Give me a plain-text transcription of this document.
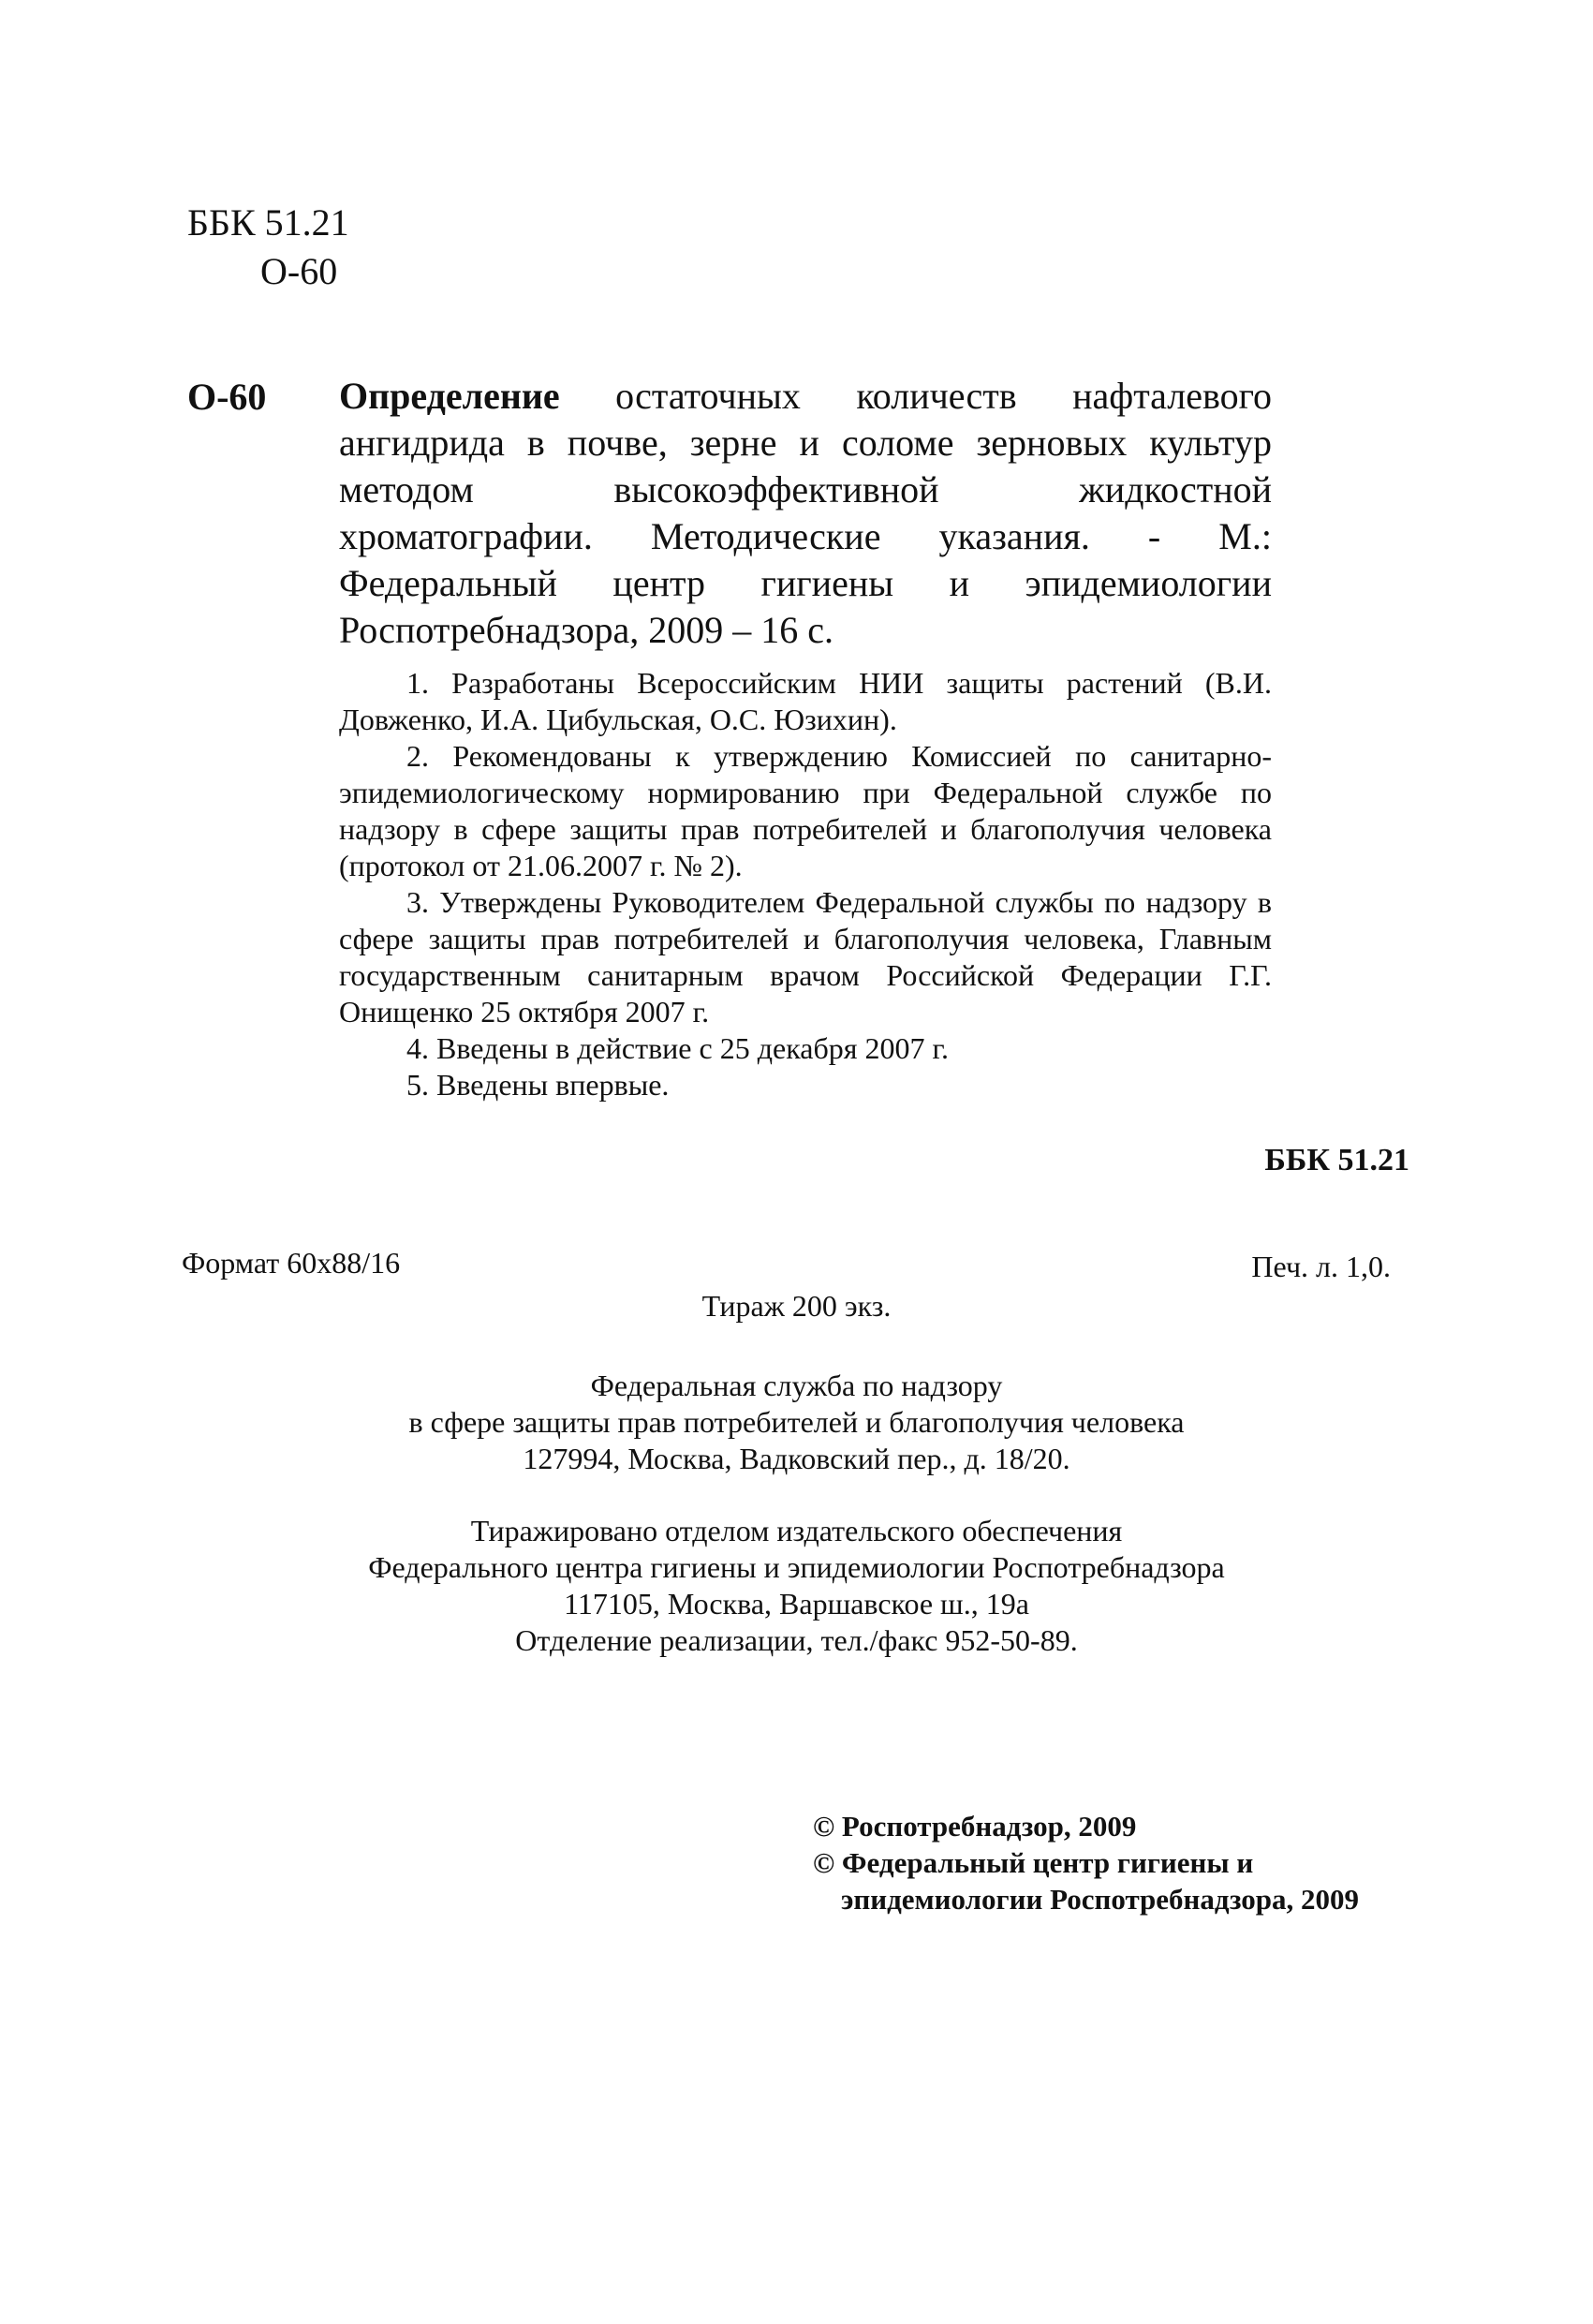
ББК 51.21
О-60
О-60 Определение остаточных количеств нафталевого ангидрида в почве, зерне и соломе зерновых культур методом высокоэффективной жидкостной хроматографии. Методические указания. - М.: Федеральный центр гигиены и эпидемиологии Роспотребнадзора, 2009 – 16 с.

1. Разработаны Всероссийским НИИ защиты растений (В.И. Довженко, И.А. Цибульская, О.С. Юзихин).

2. Рекомендованы к утверждению Комиссией по санитарно-эпидемиологическому нормированию при Федеральной службе по надзору в сфере защиты прав потребителей и благополучия человека (протокол от 21.06.2007 г. № 2).

3. Утверждены Руководителем Федеральной службы по надзору в сфере защиты прав потребителей и благополучия человека, Главным государственным санитарным врачом Российской Федерации Г.Г. Онищенко 25 октября 2007 г.

4. Введены в действие с 25 декабря 2007 г.

5. Введены впервые.

ББК 51.21
Формат 60х88/16	Печ. л. 1,0.
Тираж 200 экз.
Федеральная служба по надзору
в сфере защиты прав потребителей и благополучия человека
127994, Москва, Вадковский пер., д. 18/20.
Тиражировано отделом издательского обеспечения
Федерального центра гигиены и эпидемиологии Роспотребнадзора
117105, Москва, Варшавское ш., 19а
Отделение реализации, тел./факс 952-50-89.
© Роспотребнадзор, 2009
© Федеральный центр гигиены и
эпидемиологии Роспотребнадзора, 2009
